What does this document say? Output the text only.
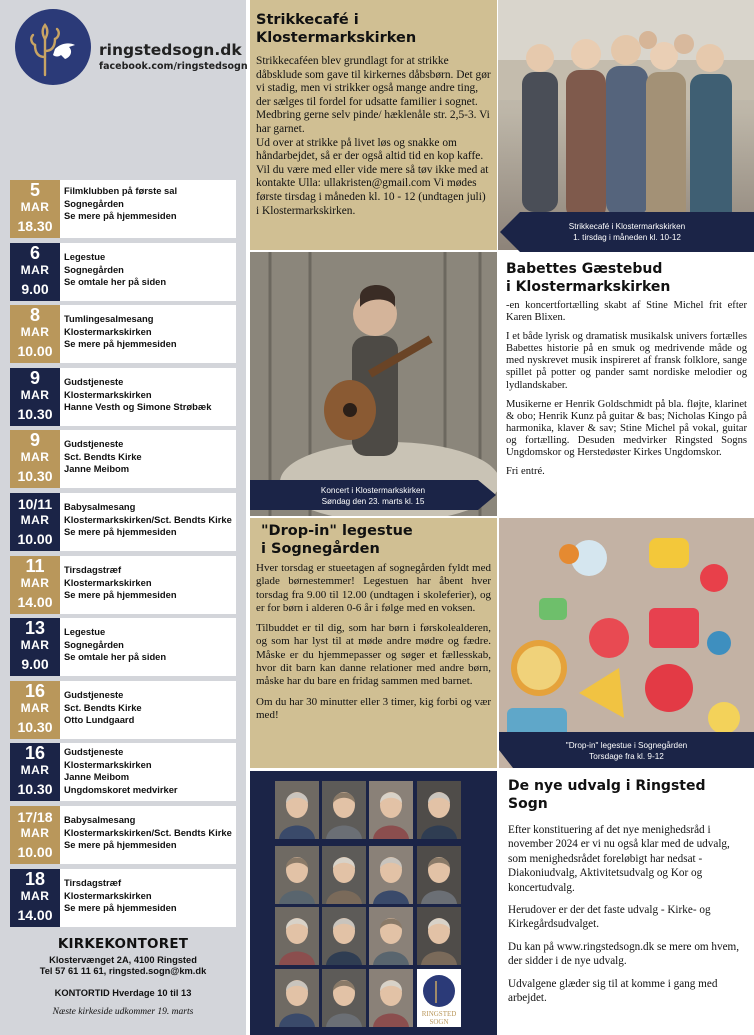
ringstedsogn.dk
facebook.com/ringstedsogn
5
MAR
18.30
Filmklubben på første sal
Sognegården
Se mere på hjemmesiden
6
MAR
9.00
Legestue
Sognegården
Se omtale her på siden
8
MAR
10.00
Tumlingesalmesang
Klostermarkskirken
Se mere på hjemmesiden
9
MAR
10.30
Gudstjeneste
Klostermarkskirken
Hanne Vesth og Simone Strøbæk
9
MAR
10.30
Gudstjeneste
Sct. Bendts Kirke
Janne Meibom
10/11
MAR
10.00
Babysalmesang
Klostermarkskirken/Sct. Bendts Kirke
Se mere på hjemmesiden
11
MAR
14.00
Tirsdagstræf
Klostermarkskirken
Se mere på hjemmesiden
13
MAR
9.00
Legestue
Sognegården
Se omtale her på siden
16
MAR
10.30
Gudstjeneste
Sct. Bendts Kirke
Otto Lundgaard
16
MAR
10.30
Gudstjeneste
Klostermarkskirken
Janne Meibom
Ungdomskoret medvirker
17/18
MAR
10.00
Babysalmesang
Klostermarkskirken/Sct. Bendts Kirke
Se mere på hjemmesiden
18
MAR
14.00
Tirsdagstræf
Klostermarkskirken
Se mere på hjemmesiden
KIRKEKONTORET
Klostervænget 2A, 4100 Ringsted
Tel 57 61 11 61, ringsted.sogn@km.dk
KONTORTID Hverdage 10 til 13
Næste kirkeside udkommer 19. marts
Strikkecafé i Klostermarkskirken

Strikkecaféen blev grundlagt for at strikke dåbsklude som gave til kirkernes dåbsbørn. Det gør vi stadig, men vi strikker også mange andre ting, der sælges til fordel for udsatte familier i sognet. Medbring gerne selv pinde/ hæklenåle str. 2,5-3. Vi har garnet.

Ud over at strikke på livet løs og snakke om håndarbejdet, så er der også altid tid en kop kaffe.

Vil du være med eller vide mere så tøv ikke med at kontakte Ulla: ullakristen@gmail.com Vi mødes første tirsdag i måneden kl. 10 - 12 (undtagen juli) i Klostermarkskirken.

Strikkecafé i Klostermarkskirken
1. tirsdag i måneden kl. 10-12
Koncert i Klostermarkskirken
Søndag den 23. marts kl. 15
Babettes Gæstebud
i Klostermarkskirken

-en koncertfortælling skabt af Stine Michel frit efter Karen Blixen.

I et både lyrisk og dramatisk musikalsk univers fortælles Babettes historie på en smuk og medrivende måde og med nyskrevet musik inspireret af fransk folklore, sange spillet på potter og pander samt nordiske melodier og lydlandskaber.

Musikerne er Henrik Goldschmidt på bla. fløjte, klarinet & obo; Henrik Kunz på guitar & bas; Nicholas Kingo på harmonika, klaver & sav; Stine Michel på vokal, guitar og fortælling. Desuden medvirker Ringsted Sogns Ungdomskor og Herstedøster Kirkes Ungdomskor.

Fri entré.

"Drop-in" legestue
i Sognegården

Hver torsdag er stueetagen af sognegården fyldt med glade børnestemmer! Legestuen har åbent hver torsdag fra 9.00 til 12.00 (undtagen i skoleferier), og er for børn i alderen 0-6 år i følge med en voksen.

Tilbuddet er til dig, som har børn i førskolealderen, og som har lyst til at møde andre mødre og fædre. Måske er du hjemmepasser og søger et fællesskab, hvor dit barn kan danne relationer med andre børn, måske har du bare en fridag sammen med barnet.

Om du har 30 minutter eller 3 timer, kig forbi og vær med!

"Drop-in" legestue i Sognegården
Torsdage fra kl. 9-12
RINGSTED
SOGN
De nye udvalg i Ringsted Sogn

Efter konstituering af det nye menighedsråd i november 2024 er vi nu også klar med de udvalg, som menighedsrådet foreløbigt har nedsat - Diakoniudvalg, Aktivitetsudvalg og Kor og koncertudvalg.

Herudover er der det faste udvalg - Kirke- og Kirkegårdsudvalget.

Du kan på www.ringstedsogn.dk se mere om hvem, der sidder i de nye udvalg.

Udvalgene glæder sig til at komme i gang med arbejdet.
